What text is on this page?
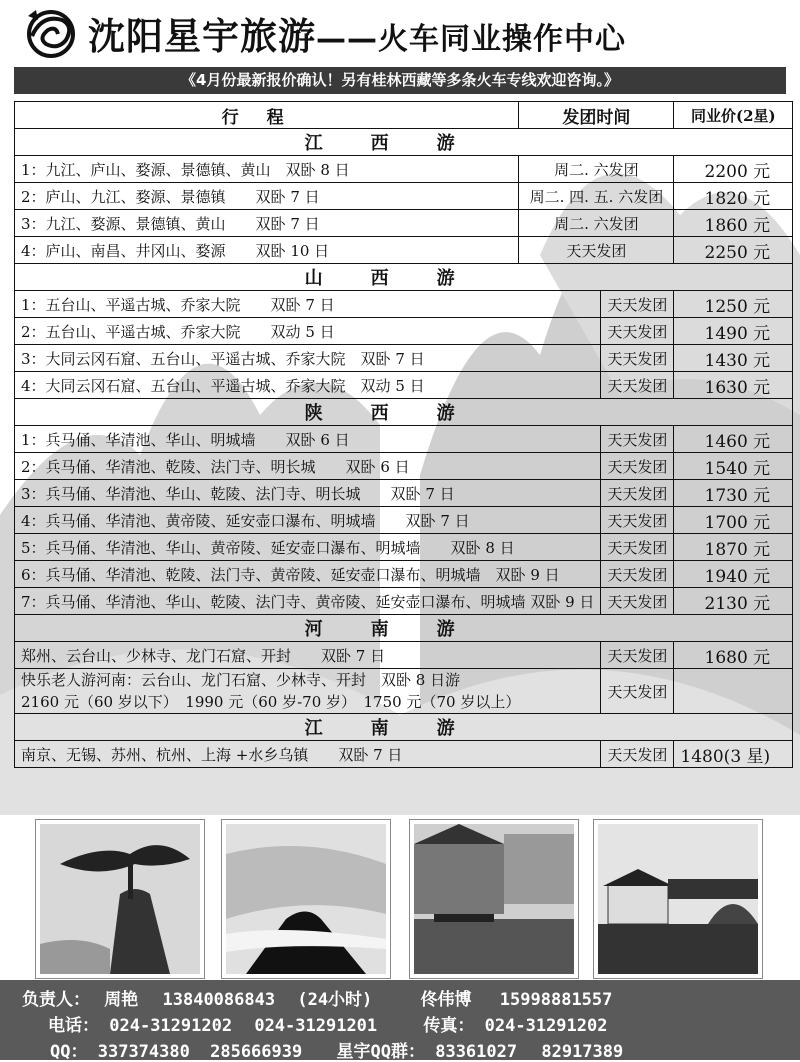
沈阳星宇旅游——火车同业操作中心
《4月份最新报价确认！另有桂林西藏等多条火车专线欢迎咨询。》
行程	发团时间		同业价(2星)
江西游			
1：九江、庐山、婺源、景德镇、黄山　双卧 8 日	周二. 六发团		2200 元
2：庐山、九江、婺源、景德镇　　双卧 7 日	周二. 四. 五. 六发团		1820 元
3：九江、婺源、景德镇、黄山　　双卧 7 日	周二. 六发团		1860 元
4：庐山、南昌、井冈山、婺源　　双卧 10 日	天天发团		2250 元
山西游			
1：五台山、平遥古城、乔家大院　　双卧 7 日		天天发团	1250 元
2：五台山、平遥古城、乔家大院　　双动 5 日		天天发团	1490 元
3：大同云冈石窟、五台山、平遥古城、乔家大院　双卧 7 日		天天发团	1430 元
4：大同云冈石窟、五台山、平遥古城、乔家大院　双动 5 日		天天发团	1630 元
陕西游			
1：兵马俑、华清池、华山、明城墙　　双卧 6 日		天天发团	1460 元
2：兵马俑、华清池、乾陵、法门寺、明长城　　双卧 6 日		天天发团	1540 元
3：兵马俑、华清池、华山、乾陵、法门寺、明长城　　双卧 7 日		天天发团	1730 元
4：兵马俑、华清池、黄帝陵、延安壶口瀑布、明城墙　　双卧 7 日		天天发团	1700 元
5：兵马俑、华清池、华山、黄帝陵、延安壶口瀑布、明城墙　　双卧 8 日		天天发团	1870 元
6：兵马俑、华清池、乾陵、法门寺、黄帝陵、延安壶口瀑布、明城墙　双卧 9 日		天天发团	1940 元
7：兵马俑、华清池、华山、乾陵、法门寺、黄帝陵、延安壶口瀑布、明城墙 双卧 9 日		天天发团	2130 元
河南游			
郑州、云台山、少林寺、龙门石窟、开封　　双卧 7 日		天天发团	1680 元

快乐老人游河南：云台山、龙门石窟、少林寺、开封　双卧 8 日游
2160 元（60 岁以下）　1990 元（60 岁-70 岁）　1750 元（70 岁以上）		天天发团	
江南游			
南京、无锡、苏州、杭州、上海 +水乡乌镇　　双卧 7 日		天天发团	1480(3 星)
负责人： 周艳 13840086843 (24小时)	佟伟博 15998881557
电话： 024-31291202 024-31291201	传真： 024-31291202
QQ： 337374380 285666939 星宇QQ群： 83361027 82917389
